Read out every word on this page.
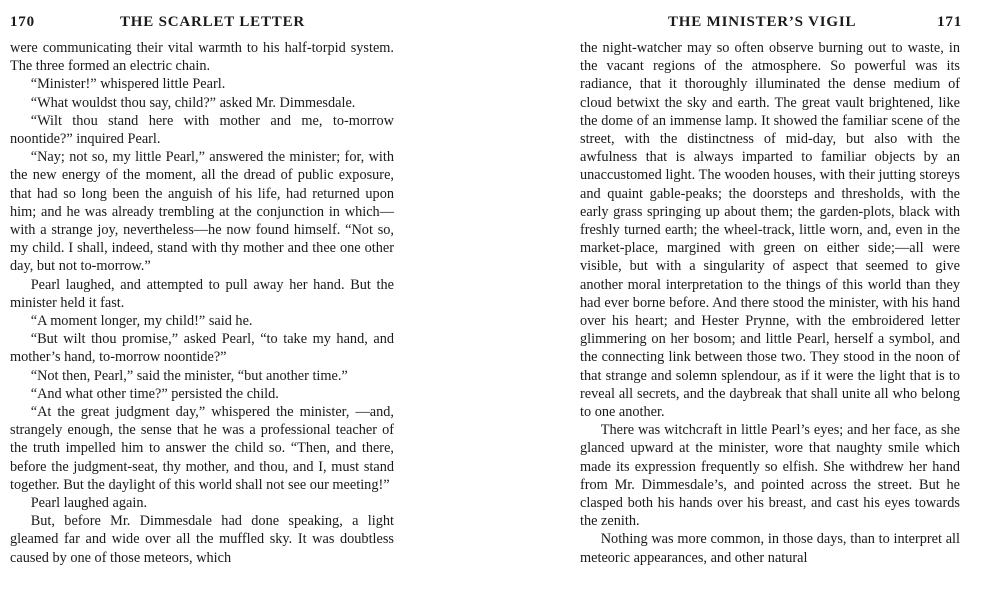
170	THE SCARLET LETTER

were communicating their vital warmth to his half-torpid system. The three formed an electric chain.

“Minister!” whispered little Pearl.

“What wouldst thou say, child?” asked Mr. Dimmesdale.

“Wilt thou stand here with mother and me, to-morrow noontide?” inquired Pearl.

“Nay; not so, my little Pearl,” answered the minister; for, with the new energy of the moment, all the dread of public exposure, that had so long been the anguish of his life, had returned upon him; and he was already trembling at the conjunction in which—with a strange joy, nevertheless—he now found himself. “Not so, my child. I shall, indeed, stand with thy mother and thee one other day, but not to-morrow.”

Pearl laughed, and attempted to pull away her hand. But the minister held it fast.

“A moment longer, my child!” said he.

“But wilt thou promise,” asked Pearl, “to take my hand, and mother’s hand, to-morrow noontide?”

“Not then, Pearl,” said the minister, “but another time.”

“And what other time?” persisted the child.

“At the great judgment day,” whispered the minister, —and, strangely enough, the sense that he was a professional teacher of the truth impelled him to answer the child so. “Then, and there, before the judgment-seat, thy mother, and thou, and I, must stand together. But the daylight of this world shall not see our meeting!”

Pearl laughed again.

But, before Mr. Dimmesdale had done speaking, a light gleamed far and wide over all the muffled sky. It was doubtless caused by one of those meteors, which

THE MINISTER’S VIGIL	171

the night-watcher may so often observe burning out to waste, in the vacant regions of the atmosphere. So powerful was its radiance, that it thoroughly illuminated the dense medium of cloud betwixt the sky and earth. The great vault brightened, like the dome of an immense lamp. It showed the familiar scene of the street, with the distinctness of mid-day, but also with the awfulness that is always imparted to familiar objects by an unaccustomed light. The wooden houses, with their jutting storeys and quaint gable-peaks; the doorsteps and thresholds, with the early grass springing up about them; the garden-plots, black with freshly turned earth; the wheel-track, little worn, and, even in the market-place, margined with green on either side;—all were visible, but with a singularity of aspect that seemed to give another moral interpretation to the things of this world than they had ever borne before. And there stood the minister, with his hand over his heart; and Hester Prynne, with the embroidered letter glimmering on her bosom; and little Pearl, herself a symbol, and the connecting link between those two. They stood in the noon of that strange and solemn splendour, as if it were the light that is to reveal all secrets, and the daybreak that shall unite all who belong to one another.

There was witchcraft in little Pearl’s eyes; and her face, as she glanced upward at the minister, wore that naughty smile which made its expression frequently so elfish. She withdrew her hand from Mr. Dimmesdale’s, and pointed across the street. But he clasped both his hands over his breast, and cast his eyes towards the zenith.

Nothing was more common, in those days, than to interpret all meteoric appearances, and other natural
